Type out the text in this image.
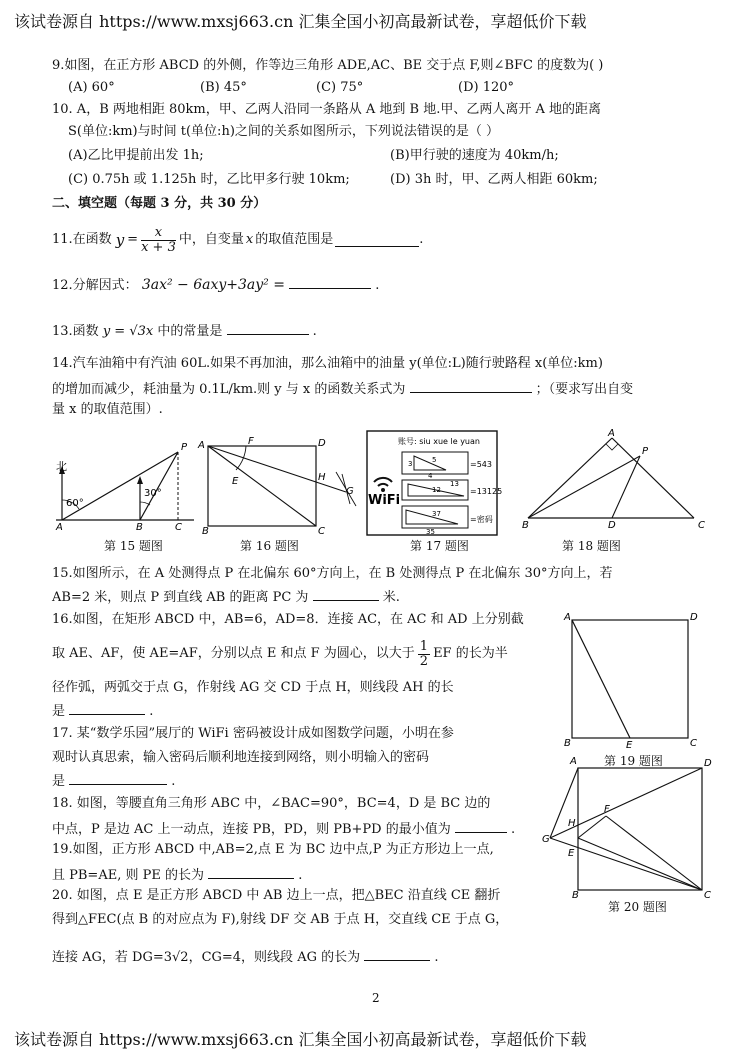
该试卷源自 https://www.mxsj663.cn 汇集全国小初高最新试卷，享超低价下载
9.如图，在正方形 ABCD 的外侧，作等边三角形 ADE,AC、BE 交于点 F,则∠BFC 的度数为( )
(A) 60°	(B) 45°	(C) 75°	(D) 120°
10. A，B 两地相距 80km，甲、乙两人沿同一条路从 A 地到 B 地.甲、乙两人离开 A 地的距离
S(单位:km)与时间 t(单位:h)之间的关系如图所示，下列说法错误的是（ ）
(A)乙比甲提前出发 1h;	(B)甲行驶的速度为 40km/h;
(C) 0.75h 或 1.125h 时，乙比甲多行驶 10km;	(D) 3h 时，甲、乙两人相距 60km;
二、填空题（每题 3 分，共 30 分）
11.在函数 $y = \frac{x}{x + 3}$ 中，自变量 x 的取值范围是	.
12.分解因式： 3ax² − 6axy+3ay² =	.
13.函数 y = √3x 中的常量是	.
14.汽车油箱中有汽油 60L.如果不再加油，那么油箱中的油量 y(单位:L)随行驶路程 x(单位:km)
的增加而减少，耗油量为 0.1L/km.则 y 与 x 的函数关系式为	；（要求写出自变
量 x 的取值范围）.
北
60°
30°
A	B	C
P
第 15 题图
A
B	C
D
E
F
G
H
第 16 题图
账号: siu xue le yuan
WiFi
=543
3
4
5
=13125
12
13
=密码
37
35
第 17 题图
A
B	C
D
P
第 18 题图
15.如图所示，在 A 处测得点 P 在北偏东 60°方向上，在 B 处测得点 P 在北偏东 30°方向上，若
AB=2 米，则点 P 到直线 AB 的距离 PC 为	米.
16.如图，在矩形 ABCD 中，AB=6，AD=8．连接 AC，在 AC 和 AD 上分别截
取 AE、AF，使 AE=AF，分别以点 E 和点 F 为圆心，以大于 $\frac{1}{2}$ EF 的长为半
径作弧，两弧交于点 G，作射线 AG 交 CD 于点 H，则线段 AH 的长
是	.
17. 某“数学乐园”展厅的 WiFi 密码被设计成如图数学问题，小明在参
观时认真思索，输入密码后顺利地连接到网络，则小明输入的密码
是	.
18. 如图，等腰直角三角形 ABC 中，∠BAC=90°，BC=4，D 是 BC 边的
中点，P 是边 AC 上一动点，连接 PB，PD，则 PB+PD 的最小值为	.
19.如图，正方形 ABCD 中,AB=2,点 E 为 BC 边中点,P 为正方形边上一点,
且 PB=AE, 则 PE 的长为	.
20. 如图，点 E 是正方形 ABCD 中 AB 边上一点，把△BEC 沿直线 CE 翻折
得到△FEC(点 B 的对应点为 F),射线 DF 交 AB 于点 H，交直线 CE 于点 G，
连接 AG，若 DG=3√2，CG=4，则线段 AG 的长为	.
A
B	C
D
E
第 19 题图
A
B	C
D
E
F
G
H
第 20 题图
2
该试卷源自 https://www.mxsj663.cn 汇集全国小初高最新试卷，享超低价下载
